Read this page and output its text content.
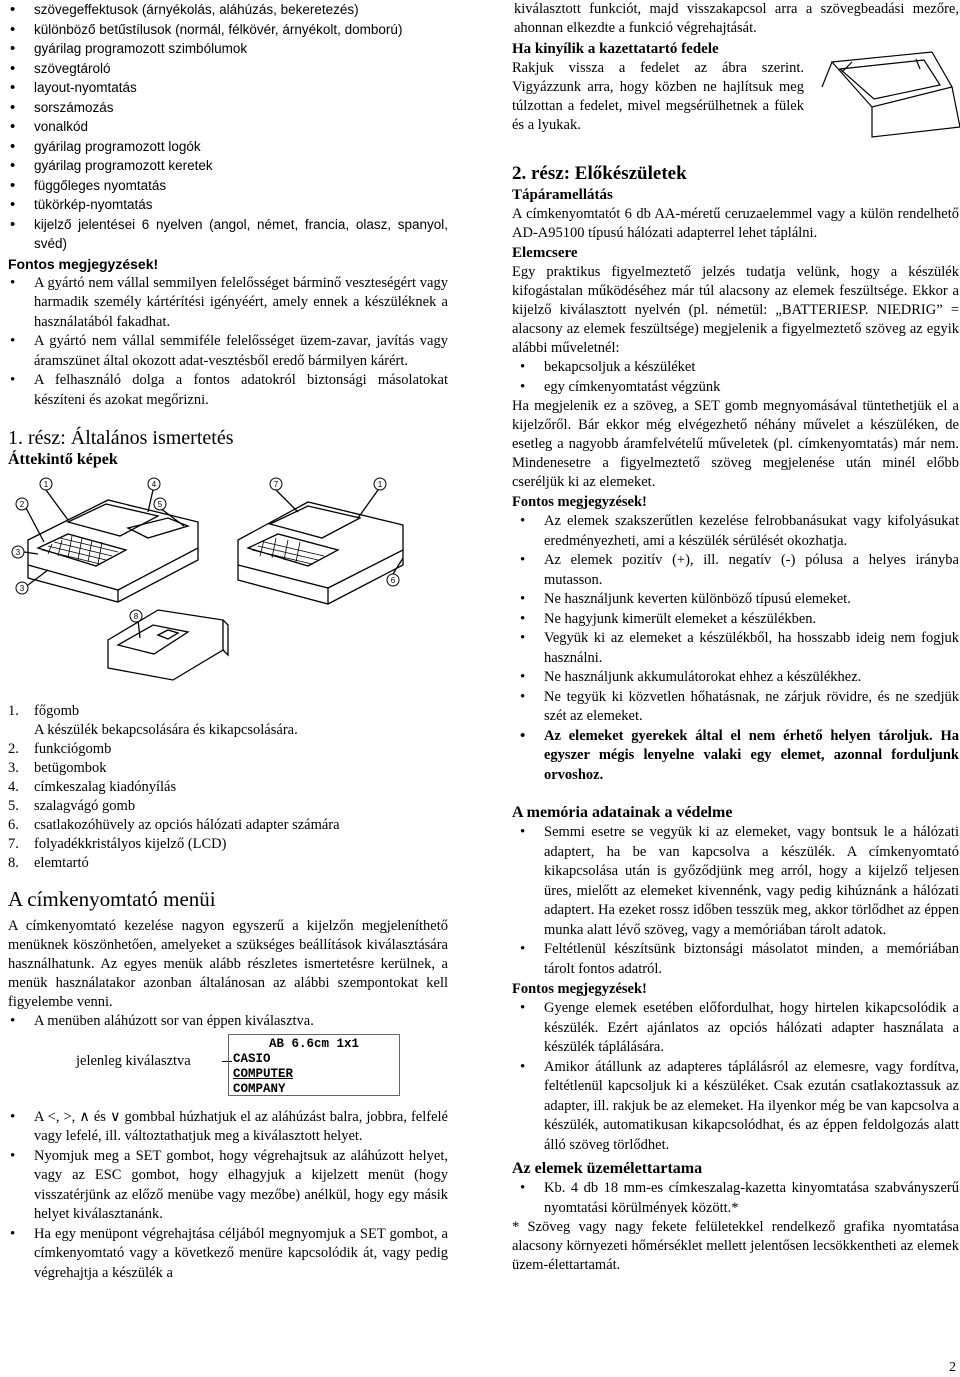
• szövegeffektusok (árnyékolás, aláhúzás, bekeretezés)
• különböző betűstílusok (normál, félkövér, árnyékolt, domború)
• gyárilag programozott szimbólumok
• szövegtároló
• layout-nyomtatás
• sorszámozás
• vonalkód
• gyárilag programozott logók
• gyárilag programozott keretek
• függőleges nyomtatás
• tükörkép-nyomtatás
• kijelző jelentései 6 nyelven (angol, német, francia, olasz, spanyol, svéd)
Fontos megjegyzések!
• A gyártó nem vállal semmilyen felelősséget bárminő veszteségért vagy harmadik személy kártérítési igényéért, amely ennek a készüléknek a használatából fakadhat.
• A gyártó nem vállal semmiféle felelősséget üzem-zavar, javítás vagy áramszünet által okozott adat-vesztésből eredő bármilyen kárért.
• A felhasználó dolga a fontos adatokról biztonsági másolatokat készíteni és azokat megőrizni.
1. rész: Általános ismertetés
Áttekintő képek
1
2
3
3
4
5
7	1
6
8
1. főgomb
A készülék bekapcsolására és kikapcsolására.
2. funkciógomb
3. betügombok
4. címkeszalag kiadónyílás
5. szalagvágó gomb
6. csatlakozóhüvely az opciós hálózati adapter számára
7. folyadékkristályos kijelző (LCD)
8. elemtartó
A címkenyomtató menüi

A címkenyomtató kezelése nagyon egyszerű a kijelzőn megjeleníthető menüknek köszönhetően, amelyeket a szükséges beállítások kiválasztására használhatunk. Az egyes menük alább részletes ismertetésre kerülnek, a menük használatakor azonban általánosan az alábbi szempontokat kell figyelembe venni.

• A menüben aláhúzott sor van éppen kiválasztva.
jelenleg kiválasztva
AB 6.6cm 1x1
CASIO
COMPUTER
COMPANY
• A <, >, ∧ és ∨ gombbal húzhatjuk el az aláhúzást balra, jobbra, felfelé vagy lefelé, ill. változtathatjuk meg a kiválasztott helyet.
• Nyomjuk meg a SET gombot, hogy végrehajtsuk az aláhúzott helyet, vagy az ESC gombot, hogy elhagyjuk a kijelzett menüt (hogy visszatérjünk az előző menübe vagy mezőbe) anélkül, hogy egy másik helyet kiválasztanánk.
• Ha egy menüpont végrehajtása céljából megnyomjuk a SET gombot, a címkenyomtató vagy a következő menüre kapcsolódik át, vagy pedig végrehajtja a készülék a

kiválasztott funkciót, majd visszakapcsol arra a szövegbeadási mezőre, ahonnan elkezdte a funkció végrehajtását.

Ha kinyílik a kazettatartó fedele

Rakjuk vissza a fedelet az ábra szerint. Vigyázzunk arra, hogy közben ne hajlítsuk meg túlzottan a fedelet, mivel megsérülhetnek a fülek és a lyukak.

2. rész: Előkészületek
Tápáramellátás

A címkenyomtatót 6 db AA-méretű ceruzaelemmel vagy a külön rendelhető AD-A95100 típusú hálózati adapterrel lehet táplálni.

Elemcsere

Egy praktikus figyelmeztető jelzés tudatja velünk, hogy a készülék kifogástalan működéséhez már túl alacsony az elemek feszültsége. Ekkor a kijelző kiválasztott nyelvén (pl. németül: „BATTERIESP. NIEDRIG” = alacsony az elemek feszültsége) megjelenik a figyelmeztető szöveg az egyik alábbi műveletnél:

• bekapcsoljuk a készüléket
• egy címkenyomtatást végzünk

Ha megjelenik ez a szöveg, a SET gomb megnyomásával tüntethetjük el a kijelzőről. Bár ekkor még elvégezhető néhány művelet a készüléken, de esetleg a nagyobb áramfelvételű műveletek (pl. címkenyomtatás) már nem. Mindenesetre a figyelmeztető szöveg megjelenése után minél előbb cseréljük ki az elemeket.

Fontos megjegyzések!
• Az elemek szakszerűtlen kezelése felrobbanásukat vagy kifolyásukat eredményezheti, ami a készülék sérülését okozhatja.
• Az elemek pozitív (+), ill. negatív (-) pólusa a helyes irányba mutasson.
• Ne használjunk keverten különböző típusú elemeket.
• Ne hagyjunk kimerült elemeket a készülékben.
• Vegyük ki az elemeket a készülékből, ha hosszabb ideig nem fogjuk használni.
• Ne használjunk akkumulátorokat ehhez a készülékhez.
• Ne tegyük ki közvetlen hőhatásnak, ne zárjuk rövidre, és ne szedjük szét az elemeket.
• Az elemeket gyerekek által el nem érhető helyen tároljuk. Ha egyszer mégis lenyelne valaki egy elemet, azonnal forduljunk orvoshoz.
A memória adatainak a védelme
• Semmi esetre se vegyük ki az elemeket, vagy bontsuk le a hálózati adaptert, ha be van kapcsolva a készülék. A címkenyomtató kikapcsolása után is győződjünk meg arról, hogy a kijelző teljesen üres, mielőtt az elemeket kivennénk, vagy pedig kihúznánk a hálózati adaptert. Ha ezeket rossz időben tesszük meg, akkor törlődhet az éppen munka alatt lévő szöveg, vagy a memóriában tárolt adatok.
• Feltétlenül készítsünk biztonsági másolatot minden, a memóriában tárolt fontos adatról.
Fontos megjegyzések!
• Gyenge elemek esetében előfordulhat, hogy hirtelen kikapcsolódik a készülék. Ezért ajánlatos az opciós hálózati adapter használata a készülék táplálására.
• Amikor átállunk az adapteres táplálásról az elemesre, vagy fordítva, feltétlenül kapcsoljuk ki a készüléket. Csak ezután csatlakoztassuk az adapter, ill. rakjuk be az elemeket. Ha ilyenkor még be van kapcsolva a készülék, automatikusan kikapcsolódhat, és az éppen feldolgozás alatt álló szöveg törlődhet.
Az elemek üzemélettartama
• Kb. 4 db 18 mm-es címkeszalag-kazetta kinyomtatása szabványszerű nyomtatási körülmények között.*

* Szöveg vagy nagy fekete felületekkel rendelkező grafika nyomtatása alacsony környezeti hőmérséklet mellett jelentősen lecsökkentheti az elemek üzem-élettartamát.

2
